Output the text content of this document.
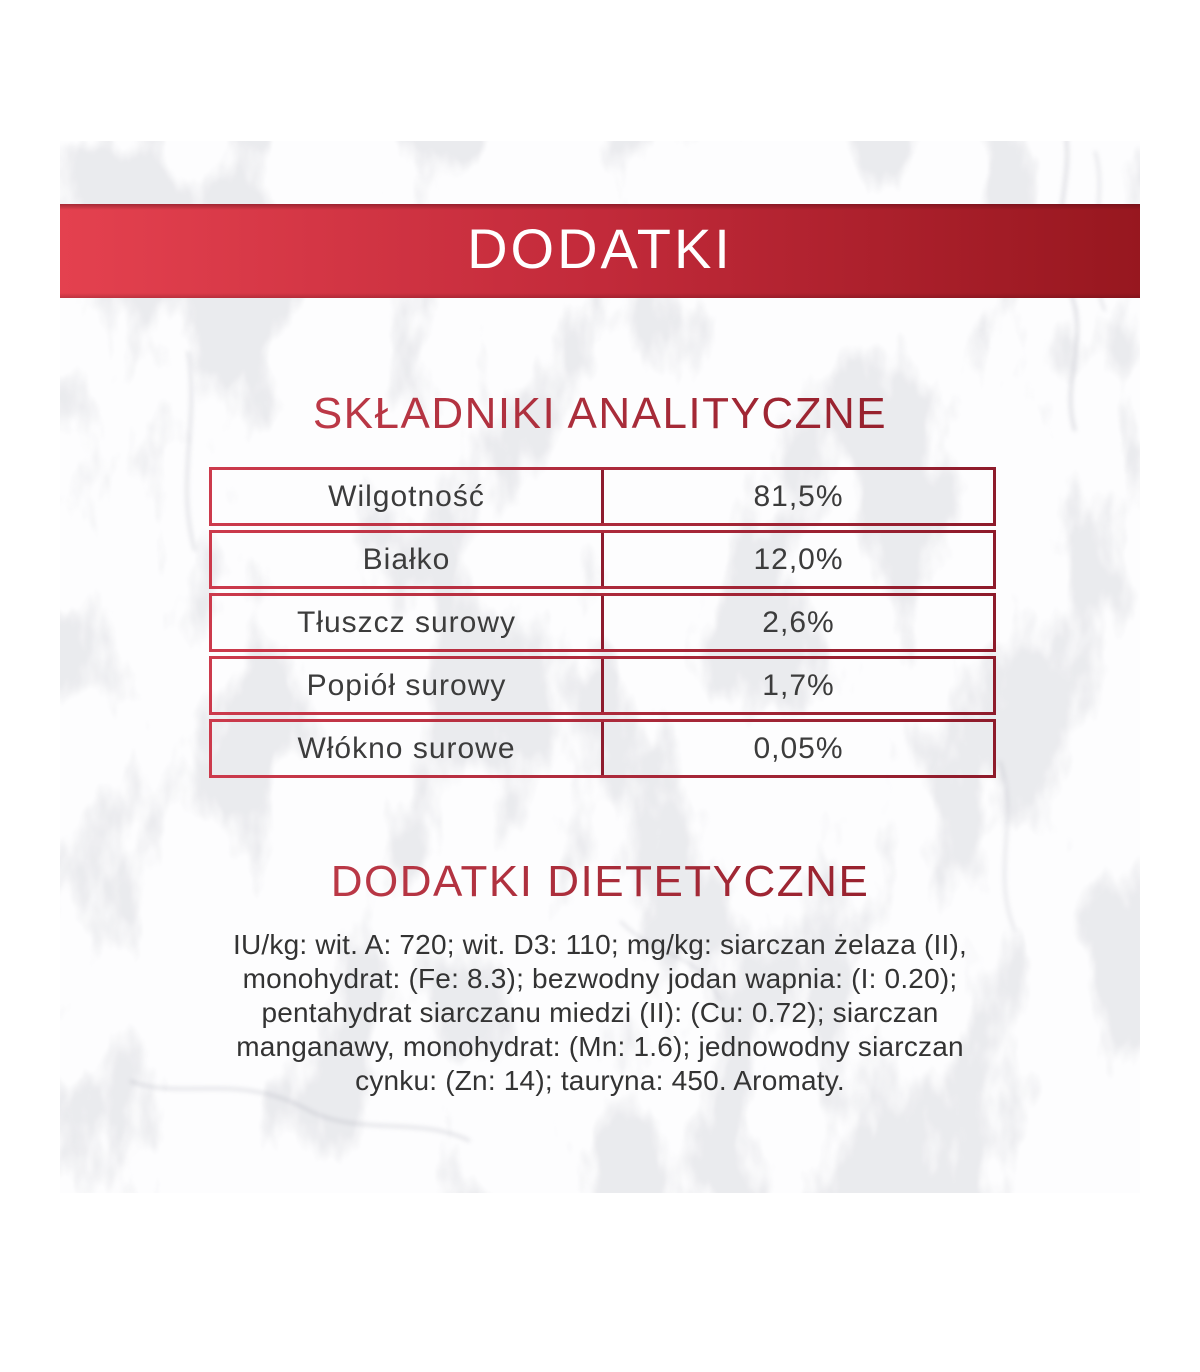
DODATKI
SKŁADNIKI ANALITYCZNE
Wilgotność	81,5%
Białko	12,0%
Tłuszcz surowy	2,6%
Popiół surowy	1,7%
Włókno surowe	0,05%
DODATKI DIETETYCZNE
IU/kg: wit. A: 720; wit. D3: 110; mg/kg: siarczan żelaza (II), monohydrat: (Fe: 8.3); bezwodny jodan wapnia: (I: 0.20); pentahydrat siarczanu miedzi (II): (Cu: 0.72); siarczan manganawy, monohydrat: (Mn: 1.6); jednowodny siarczan cynku: (Zn: 14); tauryna: 450. Aromaty.
